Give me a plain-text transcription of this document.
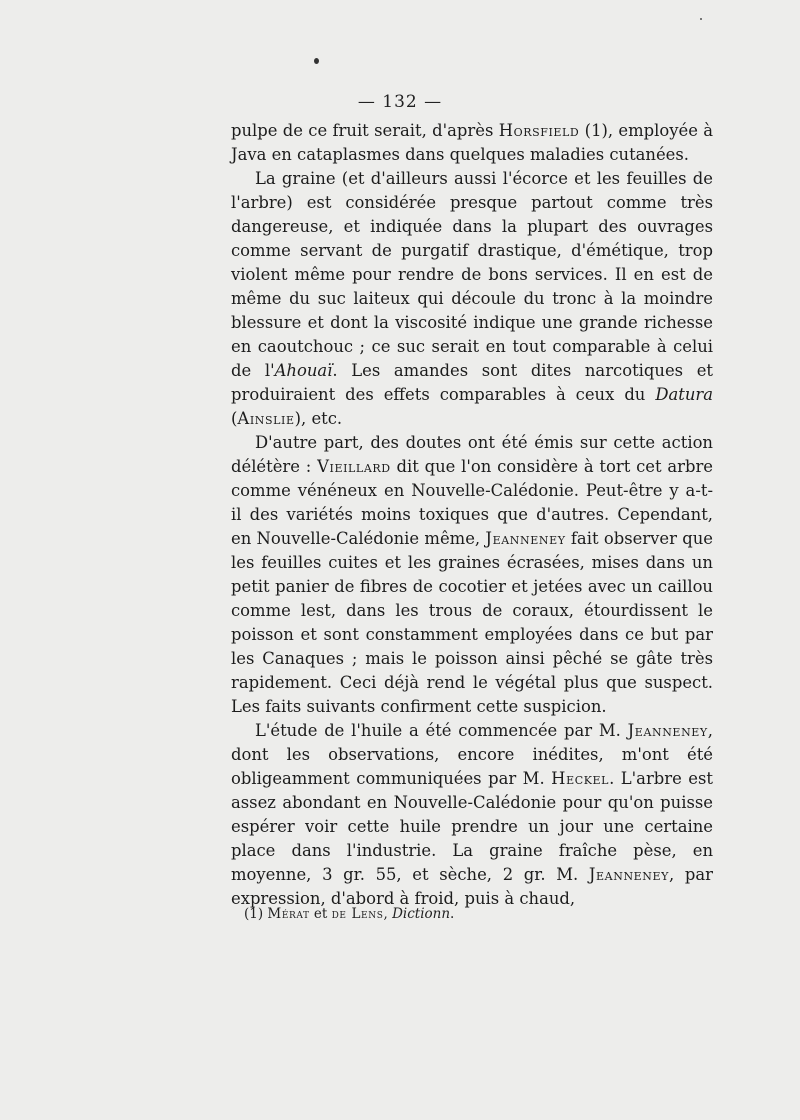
— 132 —

pulpe de ce fruit serait, d'après Horsfield (1), employée à Java en cataplasmes dans quelques maladies cutanées.

La graine (et d'ailleurs aussi l'écorce et les feuilles de l'arbre) est considérée presque partout comme très dangereuse, et indiquée dans la plupart des ouvrages comme servant de purgatif drastique, d'émétique, trop violent même pour rendre de bons services. Il en est de même du suc laiteux qui découle du tronc à la moindre blessure et dont la viscosité indique une grande richesse en caoutchouc ; ce suc serait en tout comparable à celui de l'Ahouaï. Les amandes sont dites narcotiques et produiraient des effets comparables à ceux du Datura (Ainslie), etc.

D'autre part, des doutes ont été émis sur cette action délétère : Vieillard dit que l'on considère à tort cet arbre comme vénéneux en Nouvelle-Calédonie. Peut-être y a-t-il des variétés moins toxiques que d'autres. Cependant, en Nouvelle-Calédonie même, Jeanneney fait observer que les feuilles cuites et les graines écrasées, mises dans un petit panier de fibres de cocotier et jetées avec un caillou comme lest, dans les trous de coraux, étourdissent le poisson et sont constamment employées dans ce but par les Canaques ; mais le poisson ainsi pêché se gâte très rapidement. Ceci déjà rend le végétal plus que suspect. Les faits suivants confirment cette suspicion.

L'étude de l'huile a été commencée par M. Jeanneney, dont les observations, encore inédites, m'ont été obligeamment communiquées par M. Heckel. L'arbre est assez abondant en Nouvelle-Calédonie pour qu'on puisse espérer voir cette huile prendre un jour une certaine place dans l'industrie. La graine fraîche pèse, en moyenne, 3 gr. 55, et sèche, 2 gr. M. Jeanneney, par expression, d'abord à froid, puis à chaud,

(1) Mérat et de Lens, Dictionn.
